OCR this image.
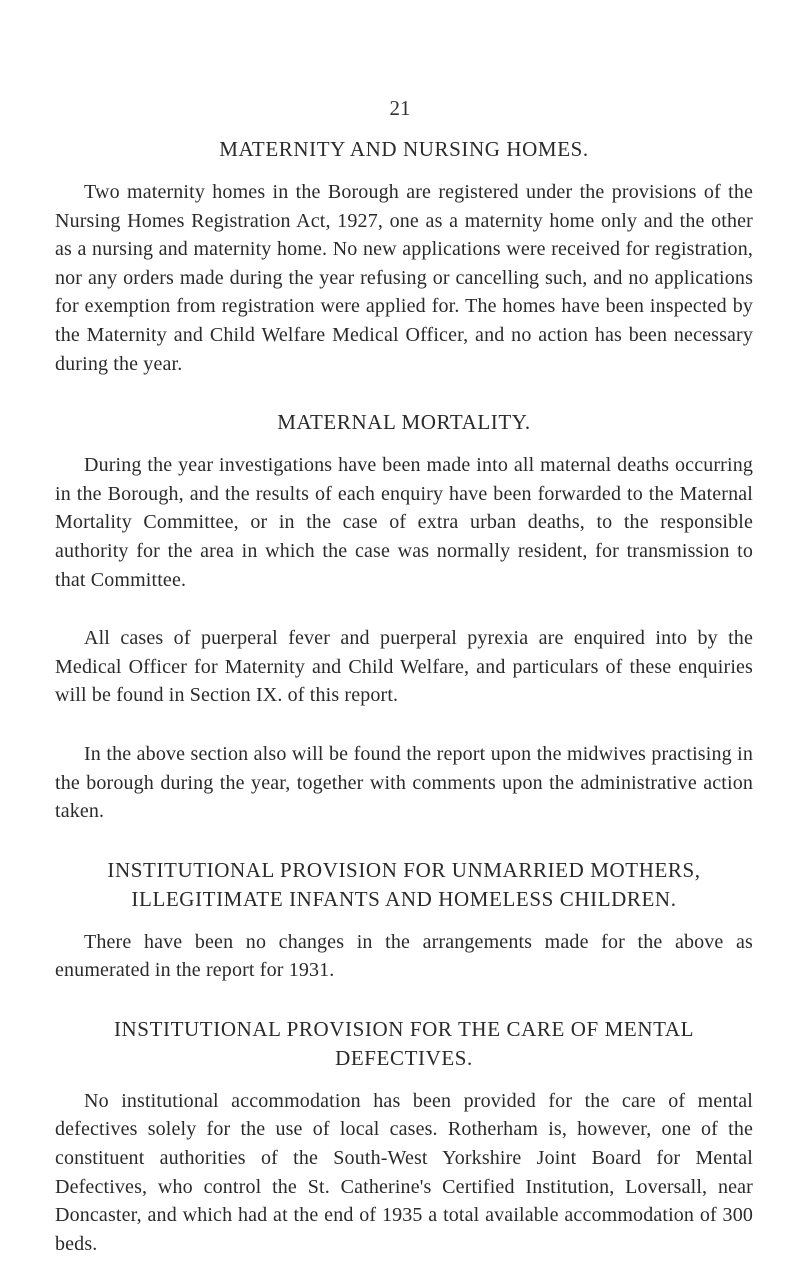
21
MATERNITY AND NURSING HOMES.

Two maternity homes in the Borough are registered under the provisions of the Nursing Homes Registration Act, 1927, one as a maternity home only and the other as a nursing and maternity home. No new applications were received for registration, nor any orders made during the year refusing or cancelling such, and no applications for exemption from registration were applied for. The homes have been inspected by the Maternity and Child Welfare Medical Officer, and no action has been necessary during the year.

MATERNAL MORTALITY.

During the year investigations have been made into all maternal deaths occurring in the Borough, and the results of each enquiry have been forwarded to the Maternal Mortality Committee, or in the case of extra urban deaths, to the responsible authority for the area in which the case was normally resident, for transmission to that Committee.

All cases of puerperal fever and puerperal pyrexia are enquired into by the Medical Officer for Maternity and Child Welfare, and particulars of these enquiries will be found in Section IX. of this report.

In the above section also will be found the report upon the midwives practising in the borough during the year, together with comments upon the administrative action taken.

INSTITUTIONAL PROVISION FOR UNMARRIED MOTHERS, ILLEGITIMATE INFANTS AND HOMELESS CHILDREN.

There have been no changes in the arrangements made for the above as enumerated in the report for 1931.

INSTITUTIONAL PROVISION FOR THE CARE OF MENTAL DEFECTIVES.

No institutional accommodation has been provided for the care of mental defectives solely for the use of local cases. Rotherham is, however, one of the constituent authorities of the South-West Yorkshire Joint Board for Mental Defectives, who control the St. Catherine's Certified Institution, Loversall, near Doncaster, and which had at the end of 1935 a total available accommodation of 300 beds.
